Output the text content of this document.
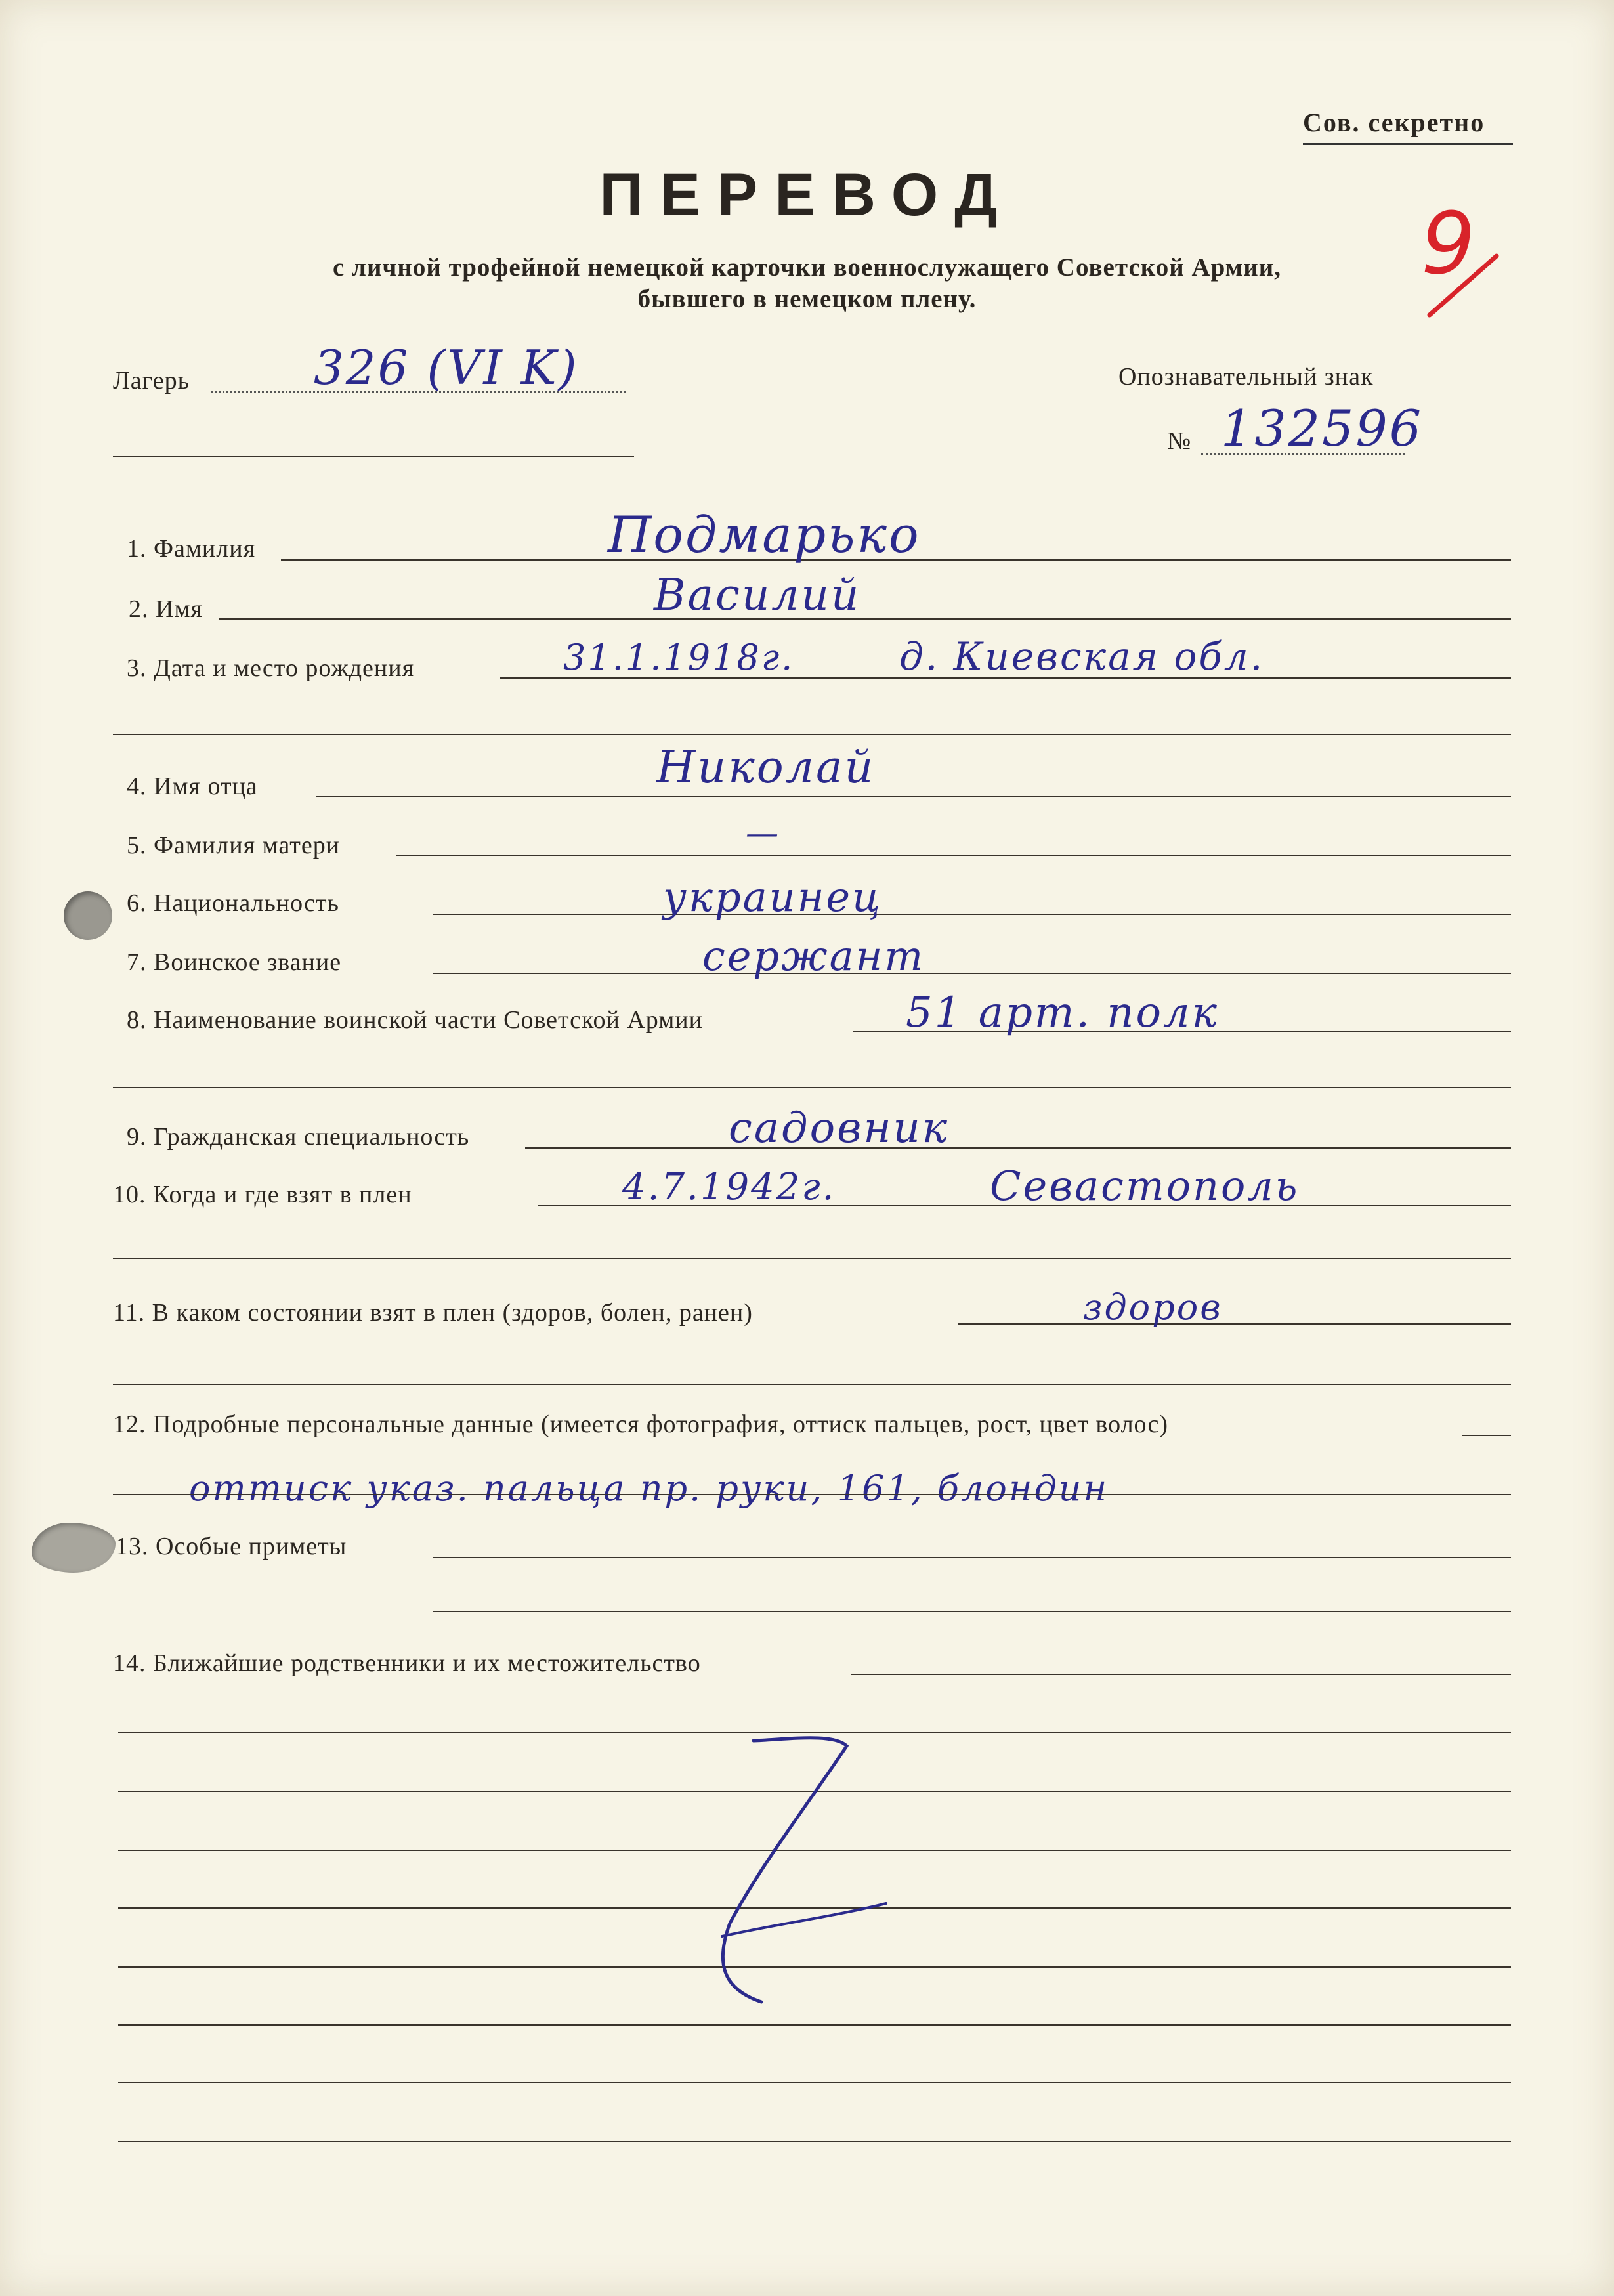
Сов. секретно
ПЕРЕВОД
с личной трофейной немецкой карточки военнослужащего Советской Армии,
бывшего в немецком плену.
9
Лагерь	326 (VI K)	Опознавательный знак
№ 132596
1. Фамилия	Подмарько
2. Имя	Василий
3. Дата и место рождения	31.1.1918г.	д. Киевская обл.
4. Имя отца	Николай
5. Фамилия матери	—
6. Национальность	украинец
7. Воинское звание	сержант
8. Наименование воинской части Советской Армии	51 арт. полк
9. Гражданская специальность	садовник
10. Когда и где взят в плен	4.7.1942г.	Севастополь
11. В каком состоянии взят в плен (здоров, болен, ранен)	здоров
12. Подробные персональные данные (имеется фотография, оттиск пальцев, рост, цвет волос)
оттиск указ. пальца пр. руки, 161, блондин
13. Особые приметы
14. Ближайшие родственники и их местожительство
